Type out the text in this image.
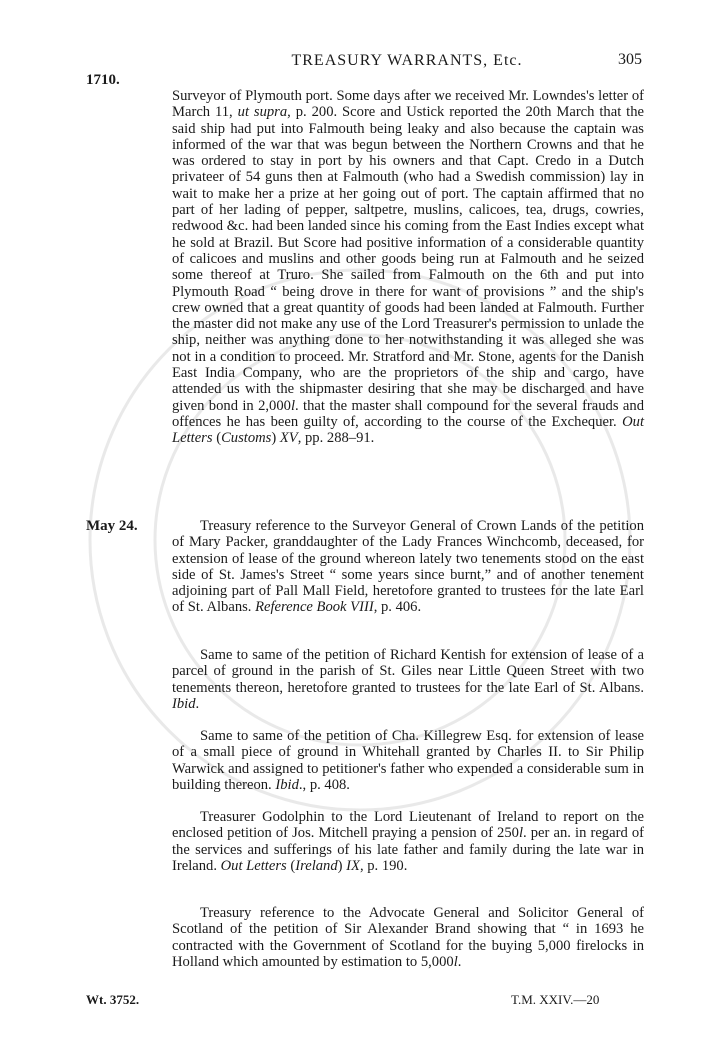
1710.
TREASURY WARRANTS, Etc.	305

Surveyor of Plymouth port. Some days after we received Mr. Lowndes's letter of March 11, ut supra, p. 200. Score and Ustick reported the 20th March that the said ship had put into Falmouth being leaky and also because the captain was informed of the war that was begun between the Northern Crowns and that he was ordered to stay in port by his owners and that Capt. Credo in a Dutch privateer of 54 guns then at Falmouth (who had a Swedish commission) lay in wait to make her a prize at her going out of port. The captain affirmed that no part of her lading of pepper, saltpetre, muslins, calicoes, tea, drugs, cowries, redwood &c. had been landed since his coming from the East Indies except what he sold at Brazil. But Score had positive information of a considerable quantity of calicoes and muslins and other goods being run at Falmouth and he seized some thereof at Truro. She sailed from Falmouth on the 6th and put into Plymouth Road “ being drove in there for want of provisions ” and the ship's crew owned that a great quantity of goods had been landed at Falmouth. Further the master did not make any use of the Lord Treasurer's permission to unlade the ship, neither was anything done to her notwithstanding it was alleged she was not in a condition to proceed. Mr. Stratford and Mr. Stone, agents for the Danish East India Company, who are the proprietors of the ship and cargo, have attended us with the shipmaster desiring that she may be discharged and have given bond in 2,000l. that the master shall compound for the several frauds and offences he has been guilty of, according to the course of the Exchequer. Out Letters (Customs) XV, pp. 288–91.

May 24.	Treasury reference to the Surveyor General of Crown Lands of the petition of Mary Packer, granddaughter of the Lady Frances Winchcomb, deceased, for extension of lease of the ground whereon lately two tenements stood on the east side of St. James's Street “ some years since burnt,” and of another tenement adjoining part of Pall Mall Field, heretofore granted to trustees for the late Earl of St. Albans. Reference Book VIII, p. 406.

Same to same of the petition of Richard Kentish for extension of lease of a parcel of ground in the parish of St. Giles near Little Queen Street with two tenements thereon, heretofore granted to trustees for the late Earl of St. Albans. Ibid.

Same to same of the petition of Cha. Killegrew Esq. for extension of lease of a small piece of ground in Whitehall granted by Charles II. to Sir Philip Warwick and assigned to petitioner's father who expended a considerable sum in building thereon. Ibid., p. 408.

Treasurer Godolphin to the Lord Lieutenant of Ireland to report on the enclosed petition of Jos. Mitchell praying a pension of 250l. per an. in regard of the services and sufferings of his late father and family during the late war in Ireland. Out Letters (Ireland) IX, p. 190.

Treasury reference to the Advocate General and Solicitor General of Scotland of the petition of Sir Alexander Brand showing that “ in 1693 he contracted with the Government of Scotland for the buying 5,000 firelocks in Holland which amounted by estimation to 5,000l.

Wt. 3752.	T.M. XXIV.—20
